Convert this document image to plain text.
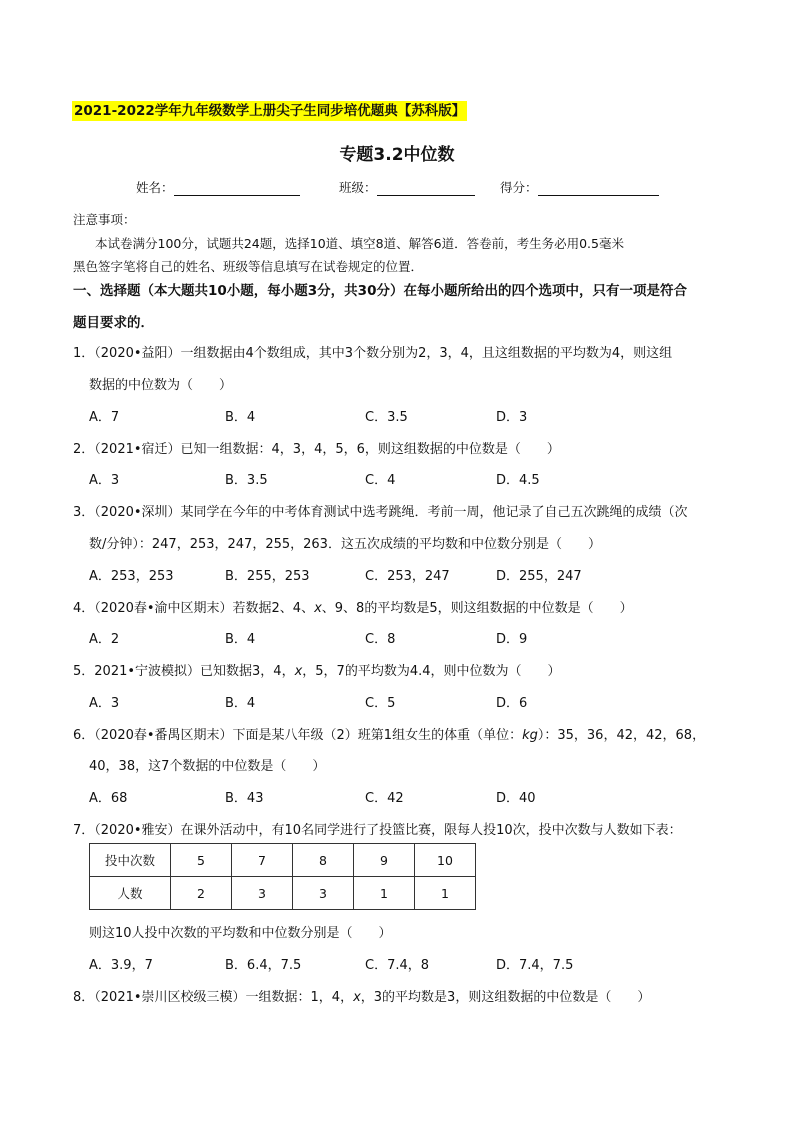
2021-2022学年九年级数学上册尖子生同步培优题典【苏科版】
专题3.2中位数
姓名：	班级：	得分：
注意事项：
本试卷满分100分，试题共24题，选择10道、填空8道、解答6道．答卷前，考生务必用0.5毫米
黑色签字笔将自己的姓名、班级等信息填写在试卷规定的位置．
一、选择题（本大题共10小题，每小题3分，共30分）在每小题所给出的四个选项中，只有一项是符合
题目要求的．
1．（2020•益阳）一组数据由4个数组成，其中3个数分别为2，3，4，且这组数据的平均数为4，则这组
数据的中位数为（　　）
A．7	B．4	C．3.5	D．3
2．（2021•宿迁）已知一组数据：4，3，4，5，6，则这组数据的中位数是（　　）
A．3	B．3.5	C．4	D．4.5
3．（2020•深圳）某同学在今年的中考体育测试中选考跳绳．考前一周，他记录了自己五次跳绳的成绩（次
数/分钟）：247，253，247，255，263．这五次成绩的平均数和中位数分别是（　　）
A．253，253	B．255，253	C．253，247	D．255，247
4．（2020春•渝中区期末）若数据2、4、x、9、8的平均数是5，则这组数据的中位数是（　　）
A．2	B．4	C．8	D．9
5．2021•宁波模拟）已知数据3，4，x，5，7的平均数为4.4，则中位数为（　　）
A．3	B．4	C．5	D．6
6．（2020春•番禺区期末）下面是某八年级（2）班第1组女生的体重（单位：kg）：35，36，42，42，68，
40，38，这7个数据的中位数是（　　）
A．68	B．43	C．42	D．40
7．（2020•雅安）在课外活动中，有10名同学进行了投篮比赛，限每人投10次，投中次数与人数如下表：
投中次数	5	7	8	9	10
人数	2	3	3	1	1
则这10人投中次数的平均数和中位数分别是（　　）
A．3.9，7	B．6.4，7.5	C．7.4，8	D．7.4，7.5
8．（2021•崇川区校级三模）一组数据：1，4，x，3的平均数是3，则这组数据的中位数是（　　）
